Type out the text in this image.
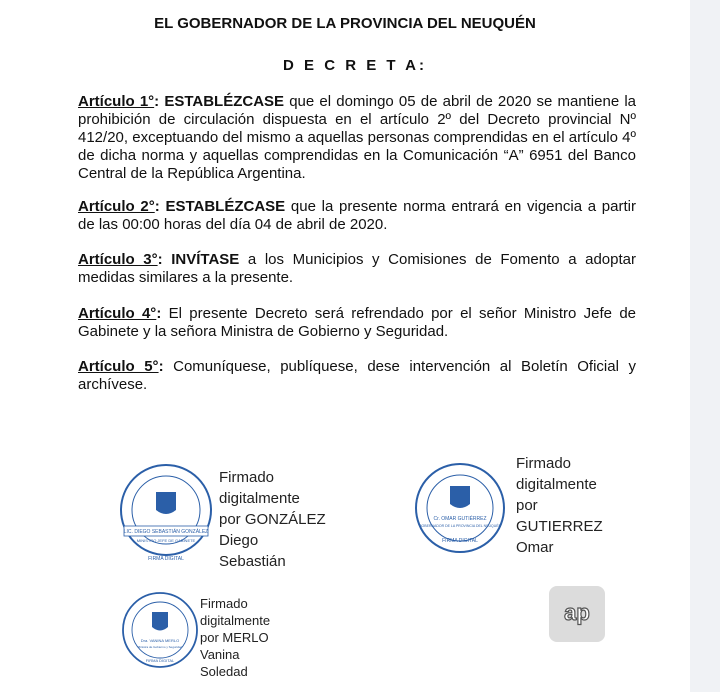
EL GOBERNADOR DE LA PROVINCIA DEL NEUQUÉN
D E C R E T A:
Artículo 1°: ESTABLÉZCASE que el domingo 05 de abril de 2020 se mantiene la prohibición de circulación dispuesta en el artículo 2º del Decreto provincial Nº 412/20, exceptuando del mismo a aquellas personas comprendidas en el artículo 4º de dicha norma y aquellas comprendidas en la Comunicación “A” 6951 del Banco Central de la República Argentina.
Artículo 2°: ESTABLÉZCASE que la presente norma entrará en vigencia a partir de las 00:00 horas del día 04 de abril de 2020.
Artículo 3°: INVÍTASE a los Municipios y Comisiones de Fomento a adoptar medidas similares a la presente.
Artículo 4°: El presente Decreto será refrendado por el señor Ministro Jefe de Gabinete y la señora Ministra de Gobierno y Seguridad.
Artículo 5°: Comuníquese, publíquese, dese intervención al Boletín Oficial y archívese.
LIC. DIEGO SEBASTIÁN GONZÁLEZ
MINISTRO JEFE DE GABINETE
FIRMA DIGITAL
Firmado
digitalmente
por GONZÁLEZ
Diego
Sebastián
Cr. OMAR GUTIÉRREZ
GOBERNADOR DE LA PROVINCIA DEL NEUQUÉN
FIRMA DIGITAL
Firmado
digitalmente
por
GUTIERREZ
Omar
Dra. VANINA MERLO
Ministra de Gobierno y Seguridad
FIRMA DIGITAL
Firmado
digitalmente
por MERLO
Vanina
Soledad
ap
